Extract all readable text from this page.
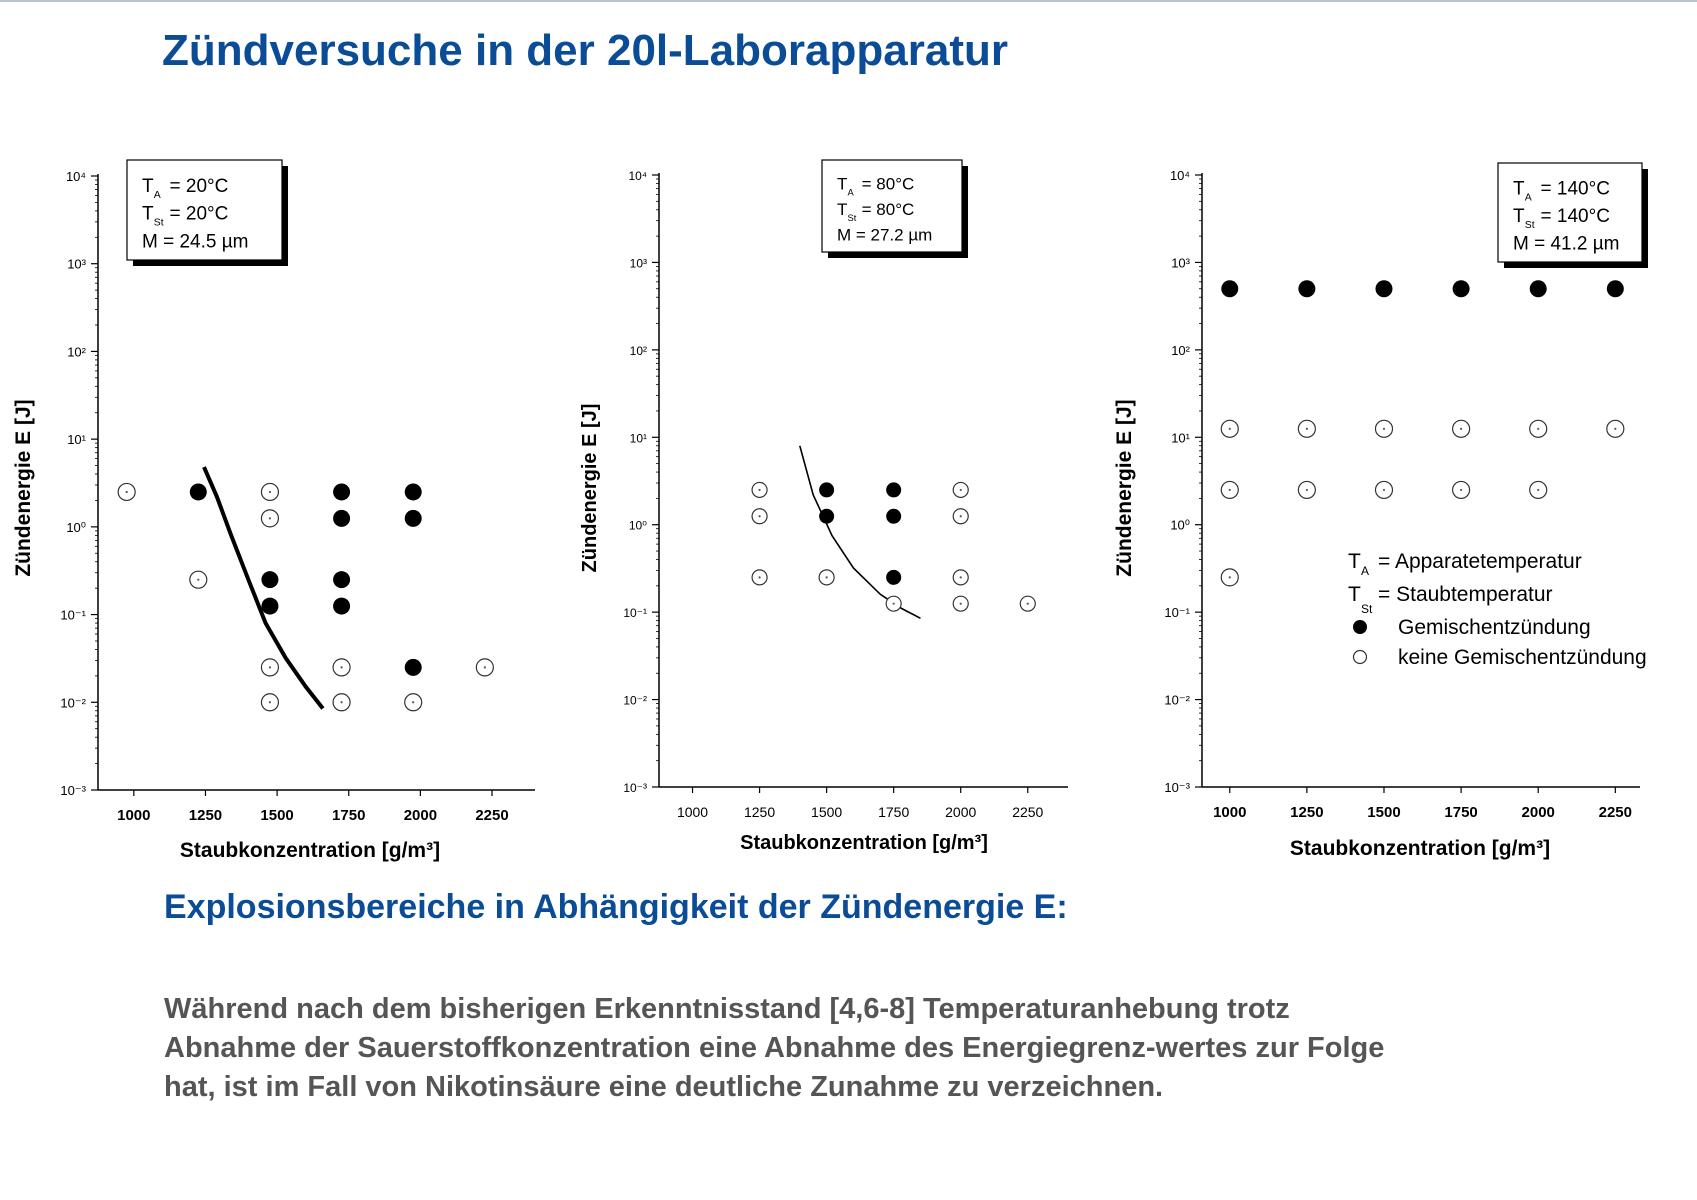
Zündversuche in der 20l-Laborapparatur
1000	1250	1500	1750	2000	2250
10⁻³
10⁻²
10⁻¹
10⁰
10¹
10²
10³
10⁴
Staubkonzentration [g/m³]
Zündenergie E [J]
T A = 20°C
T St = 20°C
M = 24.5 µm
1000	1250	1500	1750	2000	2250
10⁻³
10⁻²
10⁻¹
10⁰
10¹
10²
10³
10⁴
Staubkonzentration [g/m³]
Zündenergie E [J]
T A = 80°C
T St = 80°C
M = 27.2 µm
1000	1250	1500	1750	2000	2250
10⁻³
10⁻²
10⁻¹
10⁰
10¹
10²
10³
10⁴
Staubkonzentration [g/m³]
Zündenergie E [J]
T A = 140°C
T St = 140°C
M = 41.2 µm
T A = Apparatetemperatur
T
St
= Staubtemperatur
Gemischentzündung
keine Gemischentzündung
Explosionsbereiche in Abhängigkeit der Zündenergie E:

Während nach dem bisherigen Erkenntnisstand [4,6-8] Temperaturanhebung trotz
Abnahme der Sauerstoffkonzentration eine Abnahme des Energiegrenz-wertes zur Folge
hat, ist im Fall von Nikotinsäure eine deutliche Zunahme zu verzeichnen.
